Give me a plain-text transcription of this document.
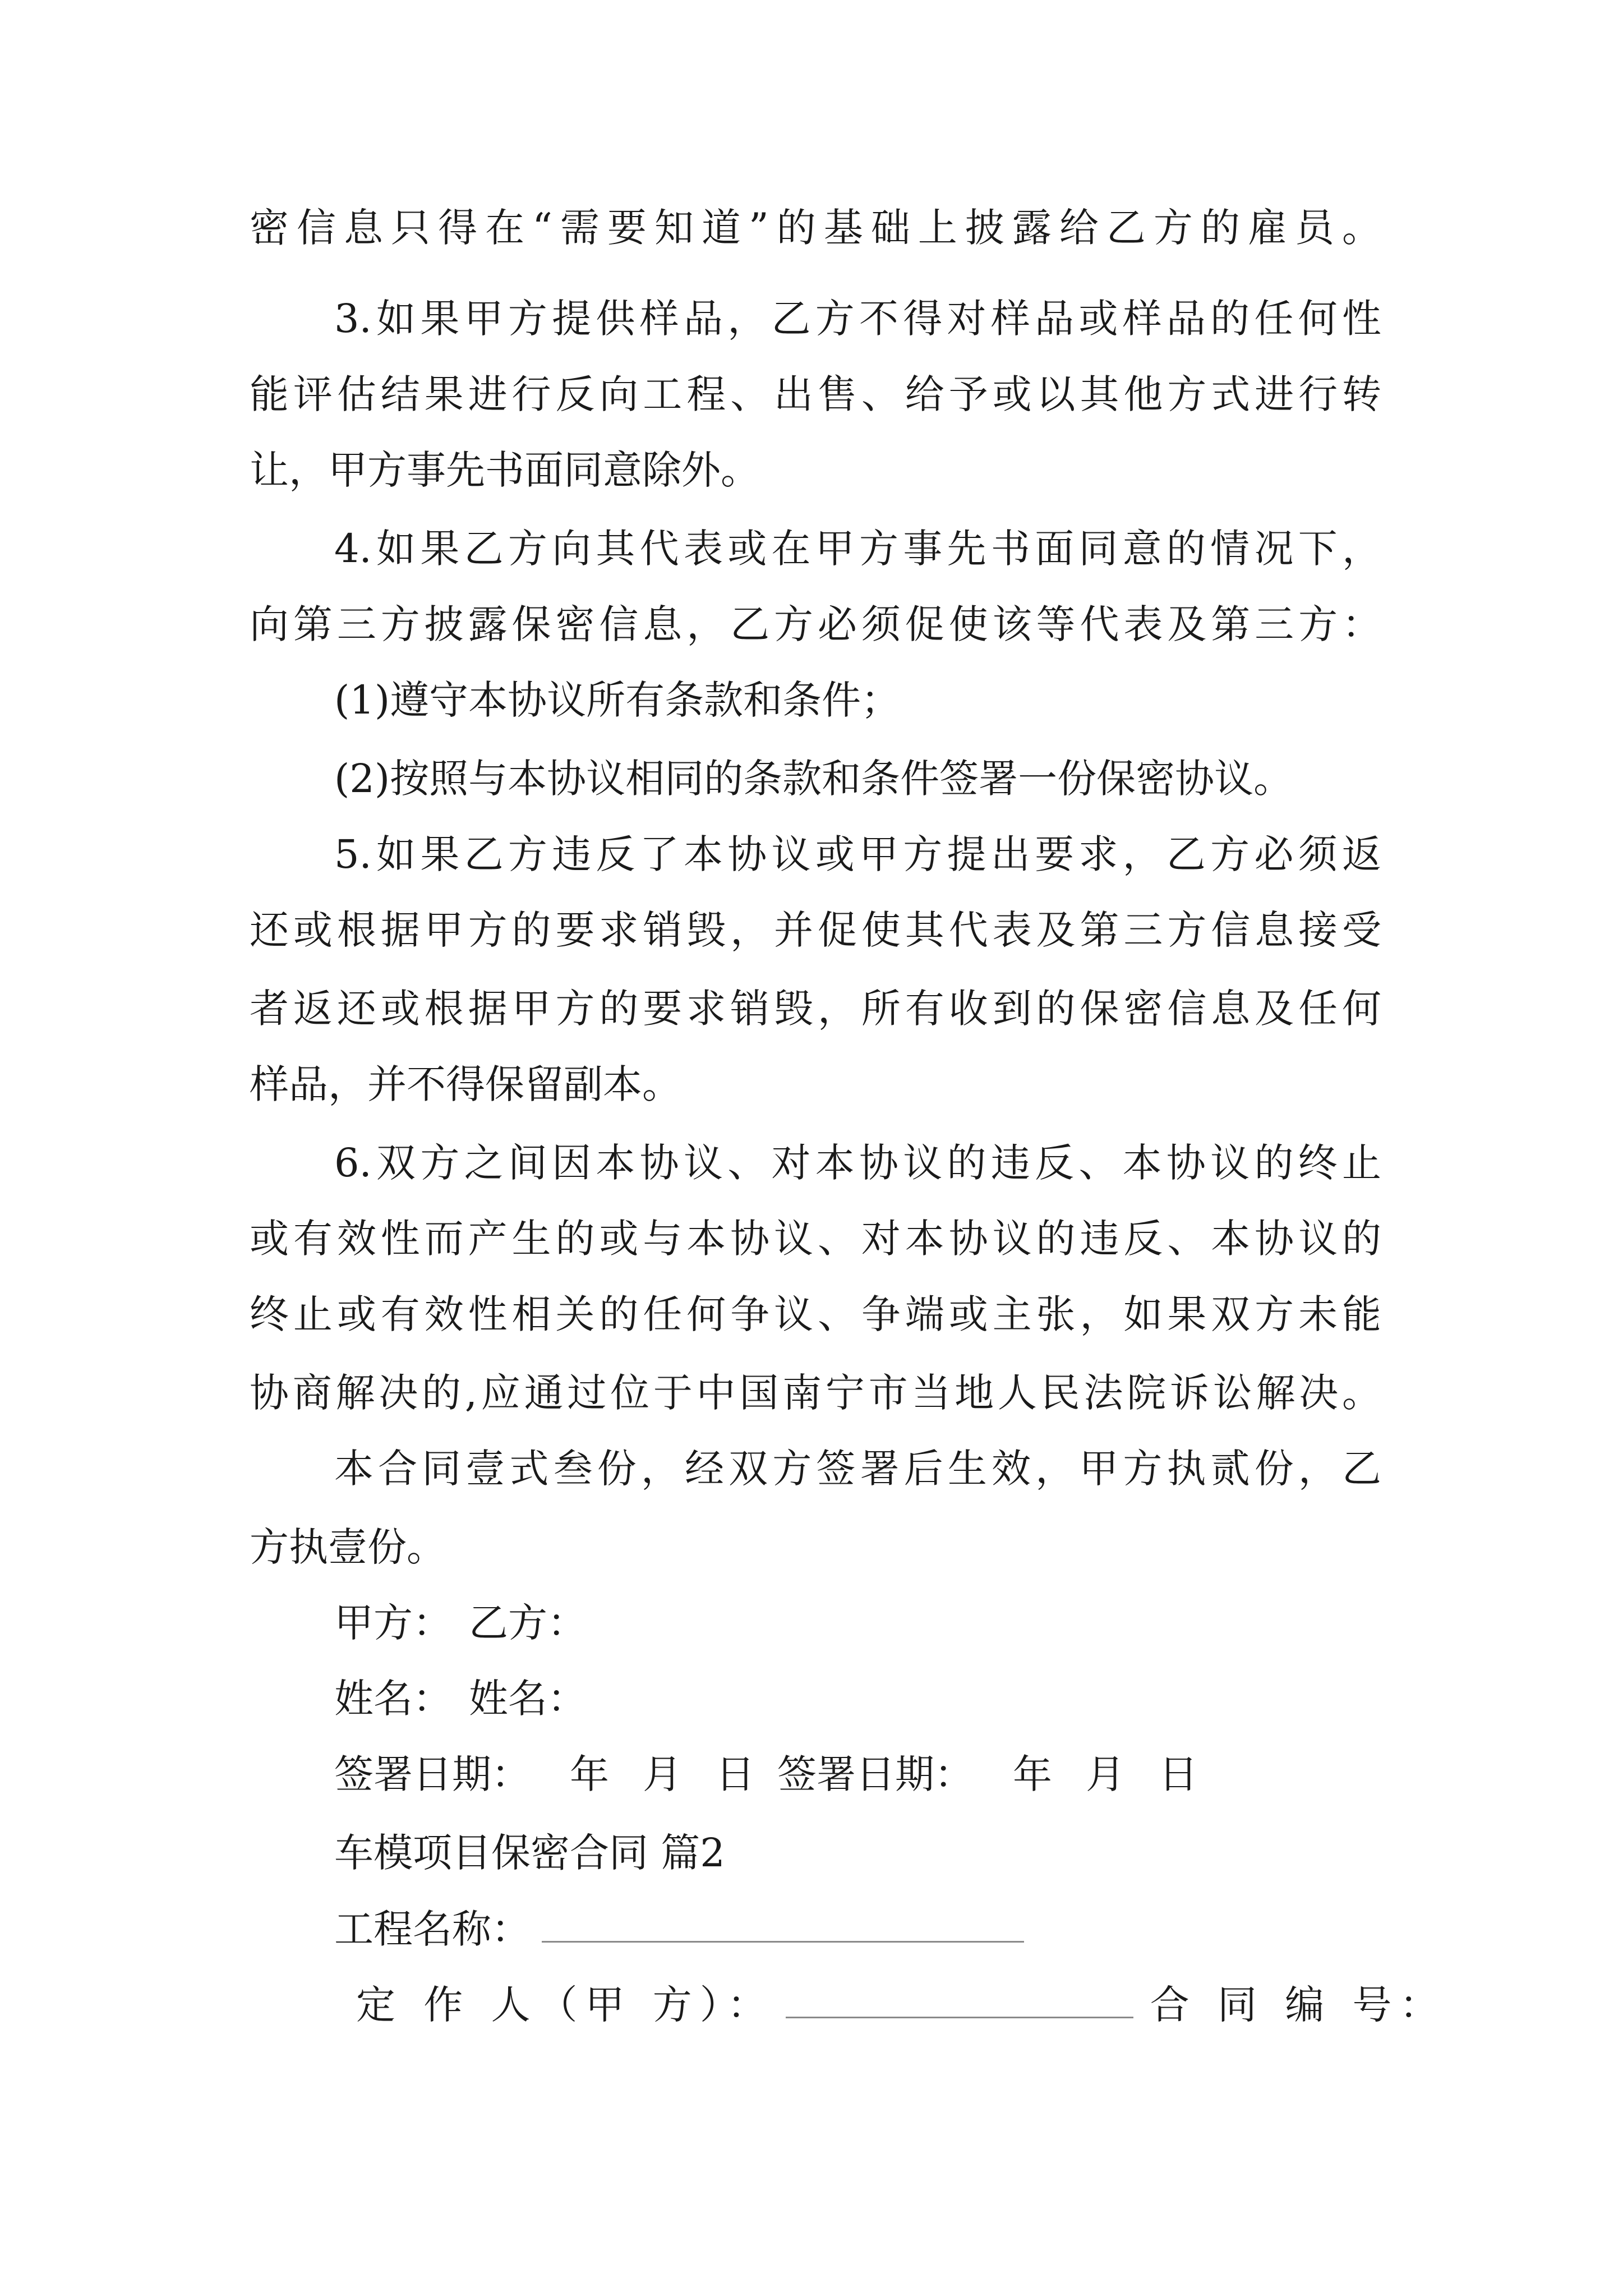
密信息只得在“需要知道”的基础上披露给乙方的雇员。
3.如果甲方提供样品，乙方不得对样品或样品的任何性
能评估结果进行反向工程、出售、给予或以其他方式进行转
让，甲方事先书面同意除外。
4.如果乙方向其代表或在甲方事先书面同意的情况下，
向第三方披露保密信息，乙方必须促使该等代表及第三方：
(1)遵守本协议所有条款和条件；
(2)按照与本协议相同的条款和条件签署一份保密协议。
5.如果乙方违反了本协议或甲方提出要求，乙方必须返
还或根据甲方的要求销毁，并促使其代表及第三方信息接受
者返还或根据甲方的要求销毁，所有收到的保密信息及任何
样品，并不得保留副本。
6.双方之间因本协议、对本协议的违反、本协议的终止
或有效性而产生的或与本协议、对本协议的违反、本协议的
终止或有效性相关的任何争议、争端或主张，如果双方未能
协商解决的,应通过位于中国南宁市当地人民法院诉讼解决。
本合同壹式叁份，经双方签署后生效，甲方执贰份，乙
方执壹份。
甲方： 乙方：
姓名： 姓名：
签署日期： 年 月 日 签署日期： 年 月 日
车模项目保密合同 篇2
工程名称：
定 作 人（甲 方）：	合 同 编 号：
